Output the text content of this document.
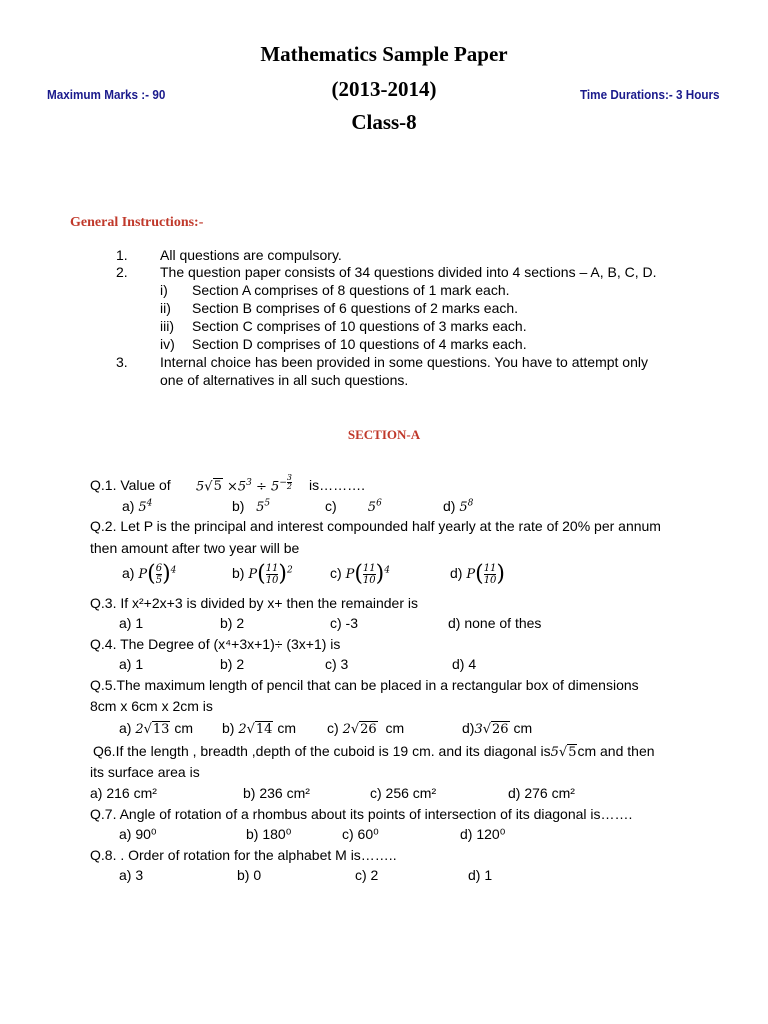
Mathematics Sample Paper
(2013-2014)
Class-8
Maximum Marks :- 90	Time Durations:- 3 Hours
General Instructions:-
1. All questions are compulsory.
2. The question paper consists of 34 questions divided into 4 sections – A, B, C, D.
i) Section A comprises of 8 questions of 1 mark each.
ii) Section B comprises of 6 questions of 2 marks each.
iii) Section C comprises of 10 questions of 3 marks each.
iv) Section D comprises of 10 questions of 4 marks each.
3. Internal choice has been provided in some questions. You have to attempt only
one of alternatives in all such questions.
SECTION-A
Q.1. Value of $5√5 \times 5^3 \div 5^{- \frac{3}{2}}$ is……….
a) $5^4$	b) $5^5$	c) $5^6$	d) $5^8$
Q.2. Let P is the principal and interest compounded half yearly at the rate of 20% per annum
then amount after two year will be
a) $P( \frac{6}{5} )^4$	b) $P( \frac{11}{10} )^2$	c) $P( \frac{11}{10} )^4$	d) $P( \frac{11}{10}$ )
Q.3. If x²+2x+3 is divided by x+ then the remainder is
a) 1	b) 2	c) -3	d) none of thes
Q.4. The Degree of (x⁴+3x+1)÷ (3x+1) is
a) 1	b) 2	c) 3	d) 4
Q.5.The maximum length of pencil that can be placed in a rectangular box of dimensions
8cm x 6cm x 2cm is
a) 2√13 cm b) 2√14 cm c) 2√26 cm	d)3√26 cm
Q6.If the length , breadth ,depth of the cuboid is 19 cm. and its diagonal is5√5cm and then
its surface area is
a) 216 cm²	b) 236 cm²	c) 256 cm²	d) 276 cm²
Q.7. Angle of rotation of a rhombus about its points of intersection of its diagonal is…….
a) 90⁰	b) 180⁰	c) 60⁰	d) 120⁰
Q.8. . Order of rotation for the alphabet M is……..
a) 3	b) 0	c) 2	d) 1
